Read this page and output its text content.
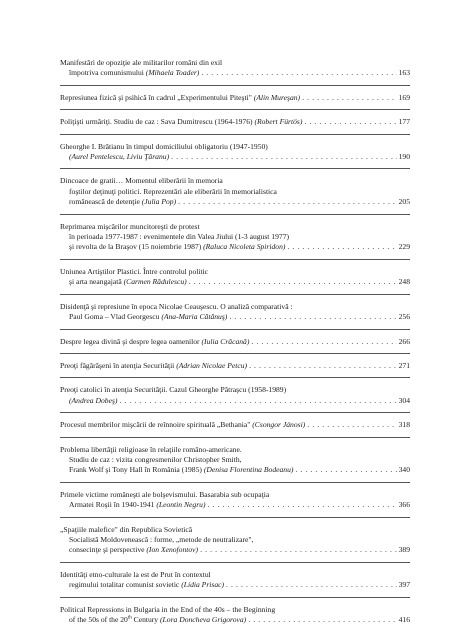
Manifestări de opoziţie ale militarilor români din exil
împotriva comunismului (Mihaela Toader) . . .	163
Represiunea fizică şi psihică în cadrul „Experimentului Piteşti" (Alin Mureşan) . . .	169
Poliţişti urmăriţi. Studiu de caz : Sava Dumitrescu (1964-1976) (Robert Fürtös) . . .	177
Gheorghe I. Brătianu în timpul domiciliului obligatoriu (1947-1950)
(Aurel Pentelescu, Liviu Ţăranu) . . .	190
Dincoace de gratii… Momentul eliberării în memoria
foştilor deţinuţi politici. Reprezentări ale eliberării în memorialistica
românească de detenţie (Julia Pop) . . .	205
Reprimarea mişcărilor muncitoreşti de protest
în perioada 1977-1987 : evenimentele din Valea Jiului (1-3 august 1977)
şi revolta de la Braşov (15 noiembrie 1987) (Raluca Nicoleta Spiridon) . . .	229
Uniunea Artiştilor Plastici. Între controlul politic
şi arta neangajată (Carmen Rădulescu) . . .	248
Disidenţă şi represiune în epoca Nicolae Ceauşescu. O analiză comparativă :
Paul Goma – Vlad Georgescu (Ana-Maria Cătănuş) . . .	256
Despre legea divină şi despre legea oamenilor (Iulia Crăcană) . . .	266
Preoţi făgărăşeni în atenţia Securităţii (Adrian Nicolae Petcu) . . .	271
Preoţi catolici în atenţia Securităţii. Cazul Gheorghe Pătraşcu (1958-1989)
(Andrea Dobeş) . . .	304
Procesul membrilor mişcării de reînnoire spirituală „Bethania" (Csongor Jánosi) . . .	318
Problema libertăţii religioase în relaţiile româno-americane.
Studiu de caz : vizita congresmenilor Christopher Smith,
Frank Wolf şi Tony Hall în România (1985) (Denisa Florentina Bodeanu) . . .	340
Primele victime româneşti ale bolşevismului. Basarabia sub ocupaţia
Armatei Roşii în 1940-1941 (Leontin Negru) . . .	366
„Spaţiile malefice" din Republica Sovietică
Socialistă Moldovenească : forme, „metode de neutralizare",
consecinţe şi perspective (Ion Xenofontov) . . .	389
Identităţi etno-culturale la est de Prut în contextul
regimului totalitar comunist sovietic (Lidia Prisac) . . .	397
Political Repressions in Bulgaria in the End of the 40s – the Beginning
of the 50s of the 20th Century (Lora Doncheva Grigorova) . . .	416
